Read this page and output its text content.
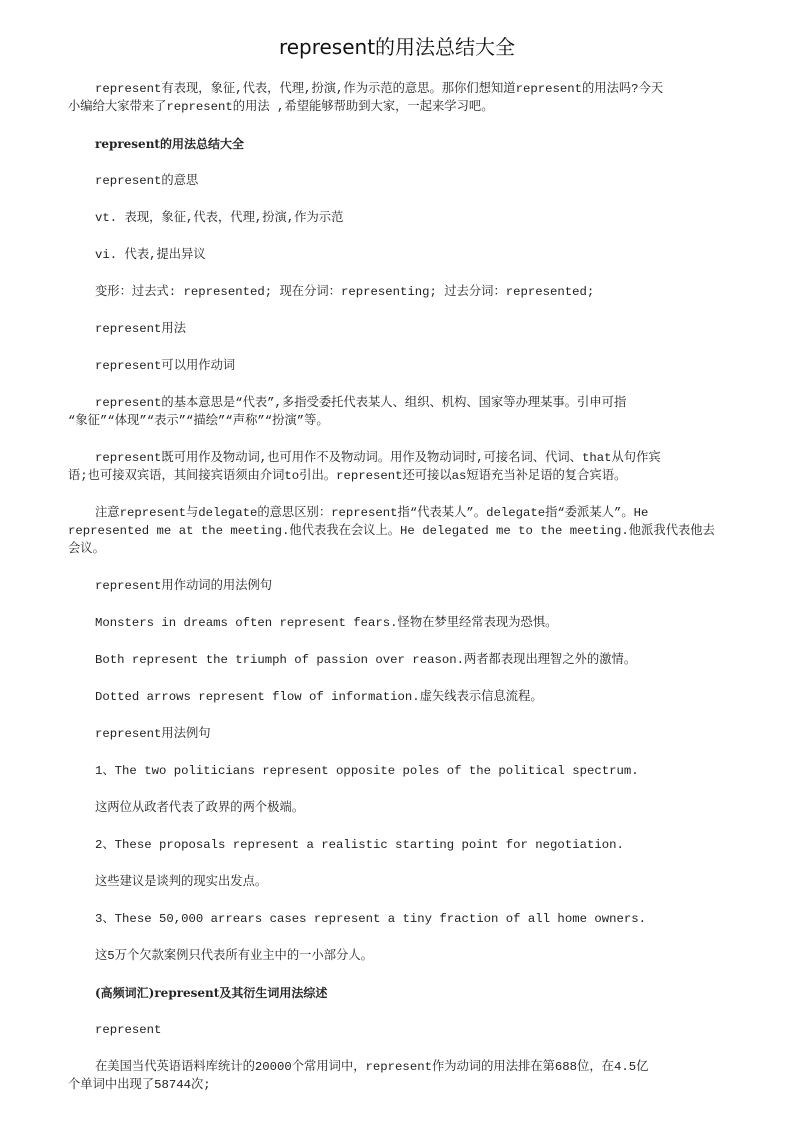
represent的用法总结大全
represent有表现，象征,代表，代理,扮演,作为示范的意思。那你们想知道represent的用法吗?今天
小编给大家带来了represent的用法 ,希望能够帮助到大家，一起来学习吧。
represent的用法总结大全
represent的意思
vt. 表现，象征,代表，代理,扮演,作为示范
vi. 代表,提出异议
变形：过去式: represented; 现在分词：representing; 过去分词：represented;
represent用法
represent可以用作动词
represent的基本意思是“代表”,多指受委托代表某人、组织、机构、国家等办理某事。引申可指
“象征”“体现”“表示”“描绘”“声称”“扮演”等。
represent既可用作及物动词,也可用作不及物动词。用作及物动词时,可接名词、代词、that从句作宾
语;也可接双宾语，其间接宾语须由介词to引出。represent还可接以as短语充当补足语的复合宾语。
注意represent与delegate的意思区别：represent指“代表某人”。delegate指“委派某人”。He
represented me at the meeting.他代表我在会议上。He delegated me to the meeting.他派我代表他去
会议。
represent用作动词的用法例句
Monsters in dreams often represent fears.怪物在梦里经常表现为恐惧。
Both represent the triumph of passion over reason.两者都表现出理智之外的激情。
Dotted arrows represent flow of information.虚矢线表示信息流程。
represent用法例句
1、The two politicians represent opposite poles of the political spectrum.
这两位从政者代表了政界的两个极端。
2、These proposals represent a realistic starting point for negotiation.
这些建议是谈判的现实出发点。
3、These 50,000 arrears cases represent a tiny fraction of all home owners.
这5万个欠款案例只代表所有业主中的一小部分人。
(高频词汇)represent及其衍生词用法综述
represent
在美国当代英语语料库统计的20000个常用词中，represent作为动词的用法排在第688位，在4.5亿
个单词中出现了58744次;
